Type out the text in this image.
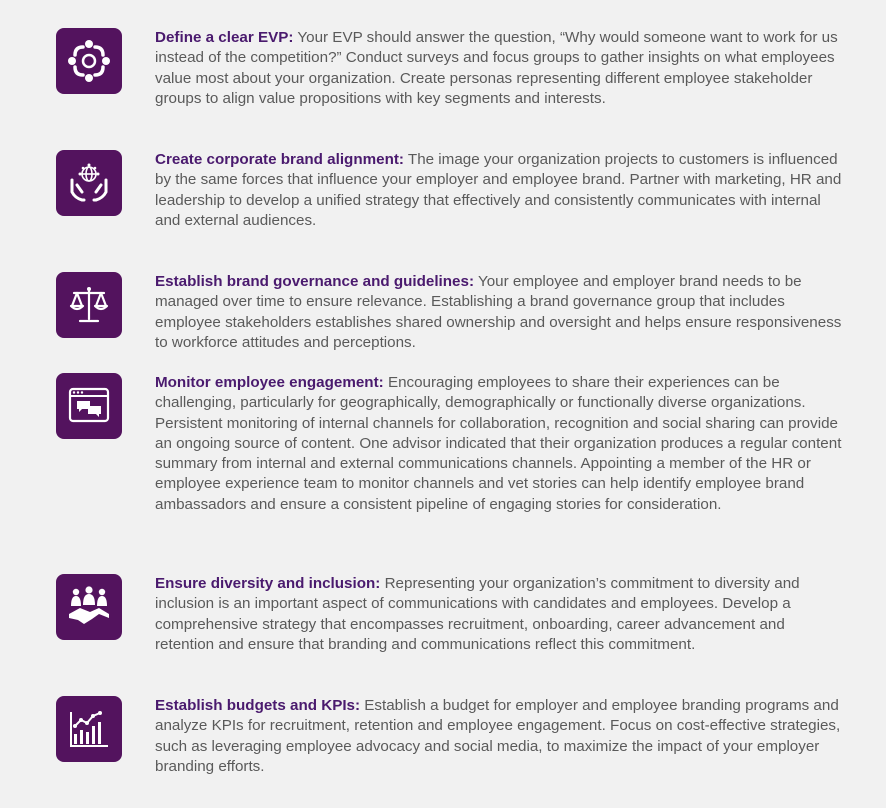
Define a clear EVP: Your EVP should answer the question, “Why would someone want to work for us instead of the competition?” Conduct surveys and focus groups to gather insights on what employees value most about your organization. Create personas representing different employee stakeholder groups to align value propositions with key segments and interests.

Create corporate brand alignment: The image your organization projects to customers is influenced by the same forces that influence your employer and employee brand. Partner with marketing, HR and leadership to develop a unified strategy that effectively and consistently communicates with internal and external audiences.

Establish brand governance and guidelines: Your employee and employer brand needs to be managed over time to ensure relevance. Establishing a brand governance group that includes employee stakeholders establishes shared ownership and oversight and helps ensure responsiveness to workforce attitudes and perceptions.

Monitor employee engagement: Encouraging employees to share their experiences can be challenging, particularly for geographically, demographically or functionally diverse organizations. Persistent monitoring of internal channels for collaboration, recognition and social sharing can provide an ongoing source of content. One advisor indicated that their organization produces a regular content summary from internal and external communications channels. Appointing a member of the HR or employee experience team to monitor channels and vet stories can help identify employee brand ambassadors and ensure a consistent pipeline of engaging stories for consideration.

Ensure diversity and inclusion: Representing your organization’s commitment to diversity and inclusion is an important aspect of communications with candidates and employees. Develop a comprehensive strategy that encompasses recruitment, onboarding, career advancement and retention and ensure that branding and communications reflect this commitment.

Establish budgets and KPIs: Establish a budget for employer and employee branding programs and analyze KPIs for recruitment, retention and employee engagement. Focus on cost-effective strategies, such as leveraging employee advocacy and social media, to maximize the impact of your employer branding efforts.
